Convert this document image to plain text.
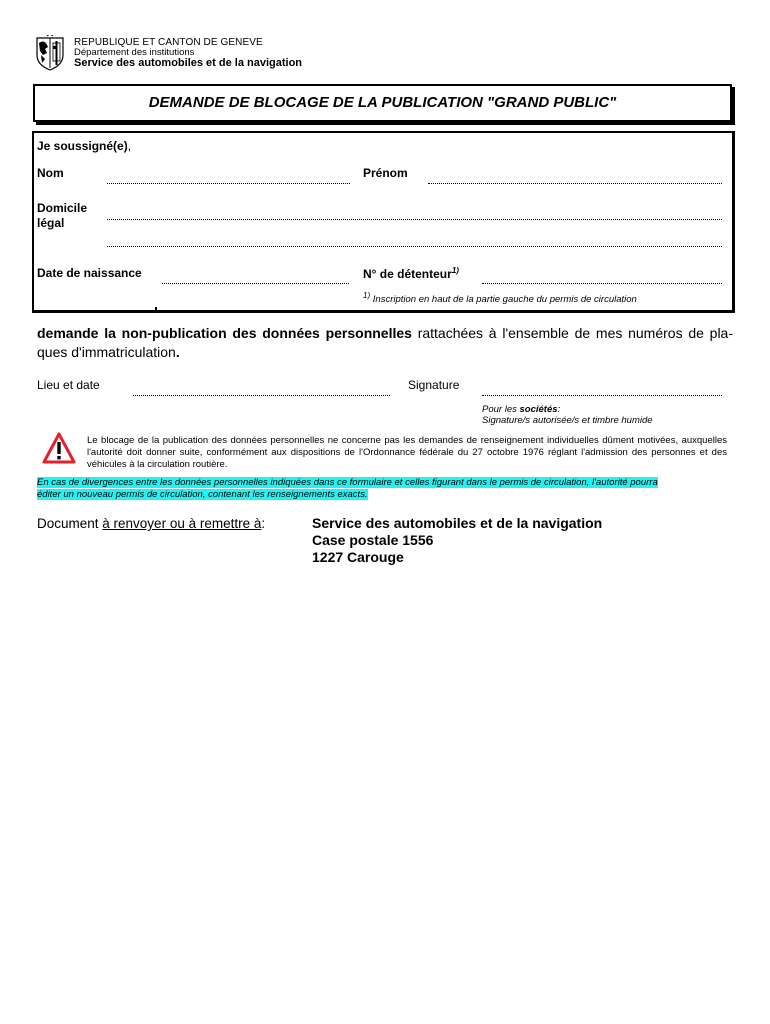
REPUBLIQUE ET CANTON DE GENEVE
Département des institutions
Service des automobiles et de la navigation
DEMANDE DE BLOCAGE DE LA PUBLICATION "GRAND PUBLIC"
Je soussigné(e),
Nom	Prénom
Domicile
légal
Date de naissance	N° de détenteur$^{1)}$
$^{1)}$ Inscription en haut de la partie gauche du permis de circulation
demande la non-publication des données personnelles rattachées à l'ensemble de mes numéros de pla-ques d'immatriculation.
Lieu et date	Signature
Pour les sociétés:
Signature/s autorisée/s et timbre humide
Le blocage de la publication des données personnelles ne concerne pas les demandes de renseignement individuelles dûment motivées, auxquelles l'autorité doit donner suite, conformément aux dispositions de l'Ordonnance fédérale du 27 octobre 1976 réglant l'admission des personnes et des véhicules à la circulation routière.
En cas de divergences entre les données personnelles indiquées dans ce formulaire et celles figurant dans le permis de circulation, l'autorité pourra
éditer un nouveau permis de circulation, contenant les renseignements exacts.
Document à renvoyer ou à remettre à:	Service des automobiles et de la navigation
Case postale 1556
1227 Carouge
